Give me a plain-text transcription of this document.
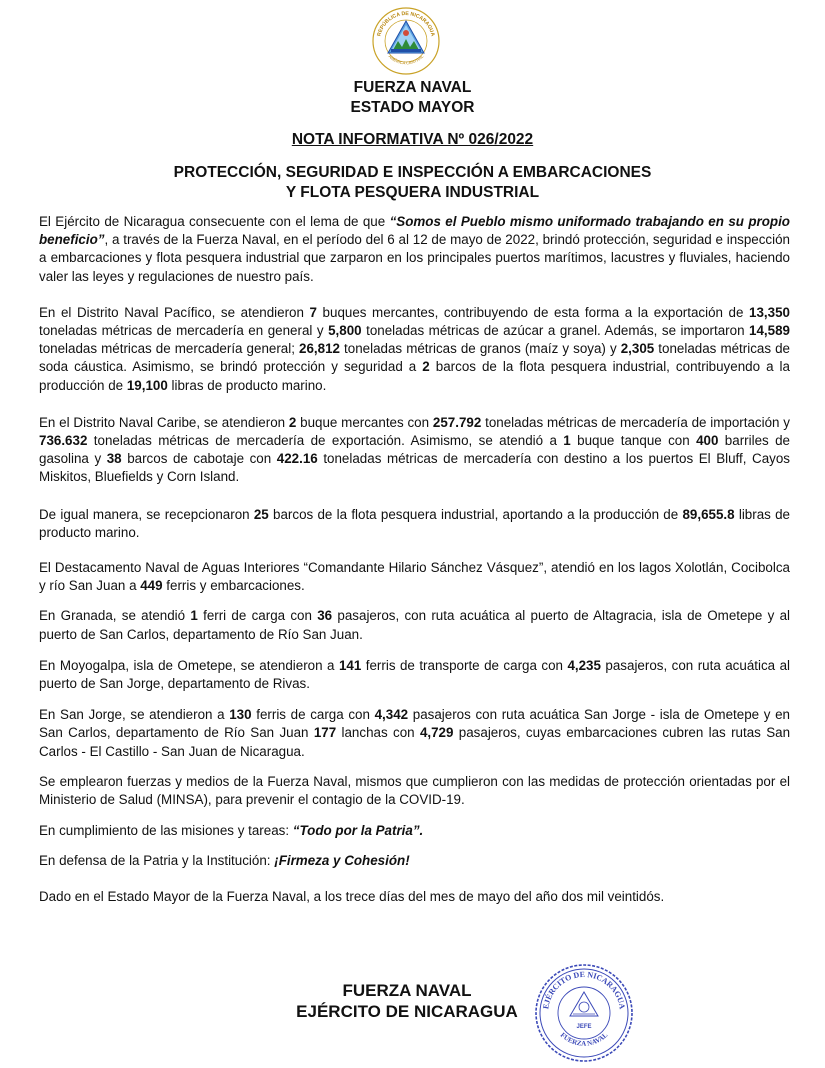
REPÚBLICA DE NICARAGUA
AMÉRICA CENTRAL
FUERZA NAVAL
ESTADO MAYOR
NOTA INFORMATIVA Nº 026/2022
PROTECCIÓN, SEGURIDAD E INSPECCIÓN A EMBARCACIONES
Y FLOTA PESQUERA INDUSTRIAL

El Ejército de Nicaragua consecuente con el lema de que “Somos el Pueblo mismo uniformado trabajando en su propio beneficio”, a través de la Fuerza Naval, en el período del 6 al 12 de mayo de 2022, brindó protección, seguridad e inspección a embarcaciones y flota pesquera industrial que zarparon en los principales puertos marítimos, lacustres y fluviales, haciendo valer las leyes y regulaciones de nuestro país.

En el Distrito Naval Pacífico, se atendieron 7 buques mercantes, contribuyendo de esta forma a la exportación de 13,350 toneladas métricas de mercadería en general y 5,800 toneladas métricas de azúcar a granel. Además, se importaron 14,589 toneladas métricas de mercadería general; 26,812 toneladas métricas de granos (maíz y soya) y 2,305 toneladas métricas de soda cáustica. Asimismo, se brindó protección y seguridad a 2 barcos de la flota pesquera industrial, contribuyendo a la producción de 19,100 libras de producto marino.

En el Distrito Naval Caribe, se atendieron 2 buque mercantes con 257.792 toneladas métricas de mercadería de importación y 736.632 toneladas métricas de mercadería de exportación. Asimismo, se atendió a 1 buque tanque con 400 barriles de gasolina y 38 barcos de cabotaje con 422.16 toneladas métricas de mercadería con destino a los puertos El Bluff, Cayos Miskitos, Bluefields y Corn Island.

De igual manera, se recepcionaron 25 barcos de la flota pesquera industrial, aportando a la producción de 89,655.8 libras de producto marino.

El Destacamento Naval de Aguas Interiores “Comandante Hilario Sánchez Vásquez”, atendió en los lagos Xolotlán, Cocibolca y río San Juan a 449 ferris y embarcaciones.

En Granada, se atendió 1 ferri de carga con 36 pasajeros, con ruta acuática al puerto de Altagracia, isla de Ometepe y al puerto de San Carlos, departamento de Río San Juan.

En Moyogalpa, isla de Ometepe, se atendieron a 141 ferris de transporte de carga con 4,235 pasajeros, con ruta acuática al puerto de San Jorge, departamento de Rivas.

En San Jorge, se atendieron a 130 ferris de carga con 4,342 pasajeros con ruta acuática San Jorge - isla de Ometepe y en San Carlos, departamento de Río San Juan 177 lanchas con 4,729 pasajeros, cuyas embarcaciones cubren las rutas San Carlos - El Castillo - San Juan de Nicaragua.

Se emplearon fuerzas y medios de la Fuerza Naval, mismos que cumplieron con las medidas de protección orientadas por el Ministerio de Salud (MINSA), para prevenir el contagio de la COVID-19.

En cumplimiento de las misiones y tareas: “Todo por la Patria”.

En defensa de la Patria y la Institución: ¡Firmeza y Cohesión!

Dado en el Estado Mayor de la Fuerza Naval, a los trece días del mes de mayo del año dos mil veintidós.

FUERZA NAVAL
EJÉRCITO DE NICARAGUA	EJÉRCITO DE NICARAGUA
FUERZA NAVAL
JEFE
